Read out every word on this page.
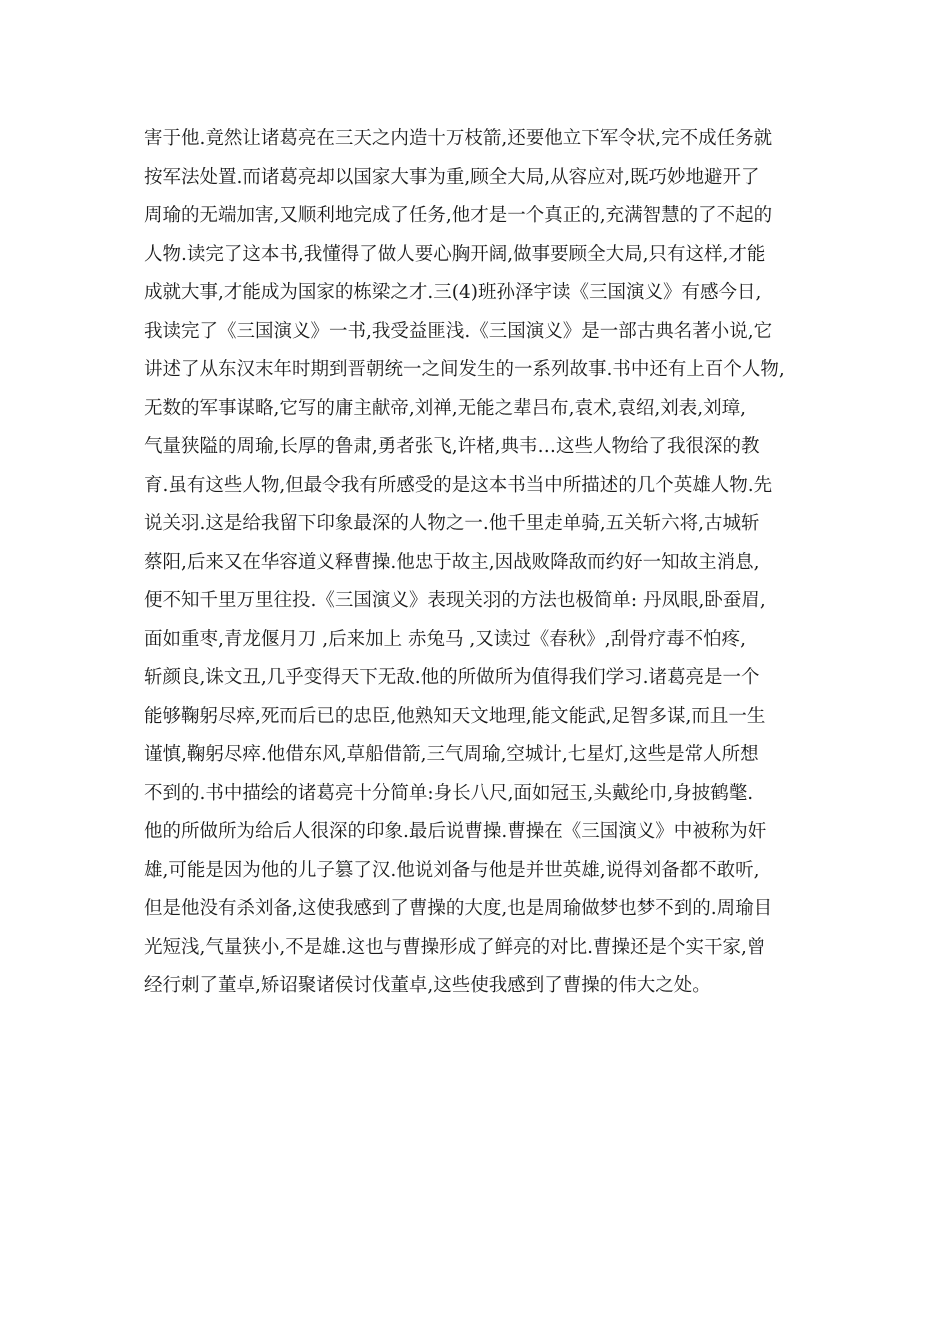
害于他.竟然让诸葛亮在三天之内造十万枝箭,还要他立下军令状,完不成任务就
按军法处置.而诸葛亮却以国家大事为重,顾全大局,从容应对,既巧妙地避开了
周瑜的无端加害,又顺利地完成了任务,他才是一个真正的,充满智慧的了不起的
人物.读完了这本书,我懂得了做人要心胸开阔,做事要顾全大局,只有这样,才能
成就大事,才能成为国家的栋梁之才.三(4)班孙泽宇读《三国演义》有感今日,
我读完了《三国演义》一书,我受益匪浅.《三国演义》是一部古典名著小说,它
讲述了从东汉末年时期到晋朝统一之间发生的一系列故事.书中还有上百个人物,
无数的军事谋略,它写的庸主献帝,刘禅,无能之辈吕布,袁术,袁绍,刘表,刘璋,
气量狭隘的周瑜,长厚的鲁肃,勇者张飞,许楮,典韦…这些人物给了我很深的教
育.虽有这些人物,但最令我有所感受的是这本书当中所描述的几个英雄人物.先
说关羽.这是给我留下印象最深的人物之一.他千里走单骑,五关斩六将,古城斩
蔡阳,后来又在华容道义释曹操.他忠于故主,因战败降敌而约好一知故主消息,
便不知千里万里往投.《三国演义》表现关羽的方法也极简单: 丹凤眼,卧蚕眉,
面如重枣,青龙偃月刀 ,后来加上 赤兔马 ,又读过《春秋》,刮骨疗毒不怕疼,
斩颜良,诛文丑,几乎变得天下无敌.他的所做所为值得我们学习.诸葛亮是一个
能够鞠躬尽瘁,死而后已的忠臣,他熟知天文地理,能文能武,足智多谋,而且一生
谨慎,鞠躬尽瘁.他借东风,草船借箭,三气周瑜,空城计,七星灯,这些是常人所想
不到的.书中描绘的诸葛亮十分简单:身长八尺,面如冠玉,头戴纶巾,身披鹤氅.
他的所做所为给后人很深的印象.最后说曹操.曹操在《三国演义》中被称为奸
雄,可能是因为他的儿子篡了汉.他说刘备与他是并世英雄,说得刘备都不敢听,
但是他没有杀刘备,这使我感到了曹操的大度,也是周瑜做梦也梦不到的.周瑜目
光短浅,气量狭小,不是雄.这也与曹操形成了鲜亮的对比.曹操还是个实干家,曾
经行刺了董卓,矫诏聚诸侯讨伐董卓,这些使我感到了曹操的伟大之处。
